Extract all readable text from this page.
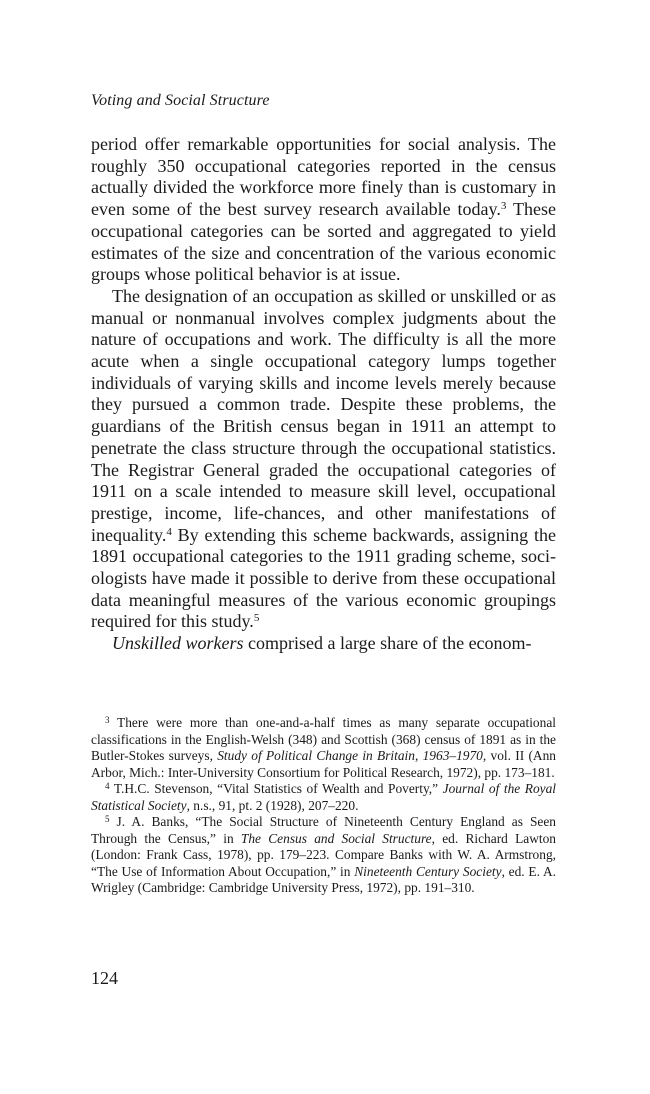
Voting and Social Structure

period offer remarkable opportunities for social analysis. The roughly 350 occupational categories reported in the census actually divided the workforce more finely than is customary in even some of the best survey research available today.$^3$ These occupational categories can be sorted and aggregated to yield estimates of the size and concentration of the various economic groups whose political behavior is at issue.

The designation of an occupation as skilled or unskilled or as manual or nonmanual involves complex judgments about the nature of occupations and work. The difficulty is all the more acute when a single occupational category lumps together individuals of varying skills and income levels merely because they pursued a common trade. Despite these problems, the guardians of the British census began in 1911 an attempt to penetrate the class structure through the occupational statistics. The Registrar General graded the occupational categories of 1911 on a scale intended to measure skill level, occupational prestige, income, life-chances, and other manifestations of inequality.$^4$ By extending this scheme backwards, assigning the 1891 occupational categories to the 1911 grading scheme, sociologists have made it possible to derive from these occupational data meaningful measures of the various economic groupings required for this study.$^5$

Unskilled workers comprised a large share of the econom-

$^3$ There were more than one-and-a-half times as many separate occupational classifications in the English-Welsh (348) and Scottish (368) census of 1891 as in the Butler-Stokes surveys, Study of Political Change in Britain, 1963–1970, vol. II (Ann Arbor, Mich.: Inter-University Consortium for Political Research, 1972), pp. 173–181.

$^4$ T.H.C. Stevenson, “Vital Statistics of Wealth and Poverty,” Journal of the Royal Statistical Society, n.s., 91, pt. 2 (1928), 207–220.

$^5$ J. A. Banks, “The Social Structure of Nineteenth Century England as Seen Through the Census,” in The Census and Social Structure, ed. Richard Lawton (London: Frank Cass, 1978), pp. 179–223. Compare Banks with W. A. Armstrong, “The Use of Information About Occupation,” in Nineteenth Century Society, ed. E. A. Wrigley (Cambridge: Cambridge University Press, 1972), pp. 191–310.

124
